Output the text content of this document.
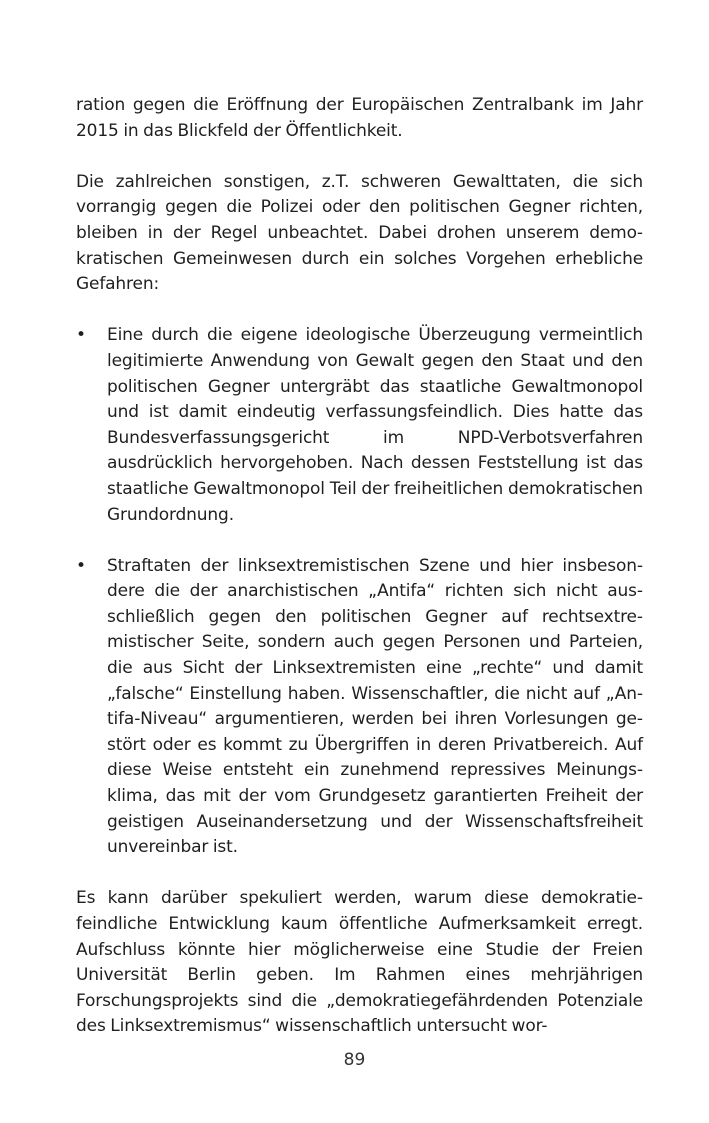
ration gegen die Eröffnung der Europäischen Zentralbank im Jahr 2015 in das Blickfeld der Öffentlichkeit.

Die zahlreichen sonstigen, z.T. schweren Gewalttaten, die sich vorrangig gegen die Polizei oder den politischen Gegner richten, bleiben in der Regel unbeachtet. Dabei drohen unserem demokratischen Gemeinwesen durch ein solches Vorgehen erhebliche Gefahren:

• Eine durch die eigene ideologische Überzeugung vermeintlich legitimierte Anwendung von Gewalt gegen den Staat und den politischen Gegner untergräbt das staatliche Gewaltmonopol und ist damit eindeutig verfassungsfeindlich. Dies hatte das Bundesverfassungsgericht im NPD-Verbotsverfahren ausdrücklich hervorgehoben. Nach dessen Feststellung ist das staatliche Gewaltmonopol Teil der freiheitlichen demokratischen Grundordnung.
• Straftaten der linksextremistischen Szene und hier insbesondere die der anarchistischen „Antifa“ richten sich nicht ausschließlich gegen den politischen Gegner auf rechtsextremistischer Seite, sondern auch gegen Personen und Parteien, die aus Sicht der Linksextremisten eine „rechte“ und damit „falsche“ Einstellung haben. Wissenschaftler, die nicht auf „Antifa-Niveau“ argumentieren, werden bei ihren Vorlesungen gestört oder es kommt zu Übergriffen in deren Privatbereich. Auf diese Weise entsteht ein zunehmend repressives Meinungsklima, das mit der vom Grundgesetz garantierten Freiheit der geistigen Auseinandersetzung und der Wissenschaftsfreiheit unvereinbar ist.

Es kann darüber spekuliert werden, warum diese demokratiefeindliche Entwicklung kaum öffentliche Aufmerksamkeit erregt. Aufschluss könnte hier möglicherweise eine Studie der Freien Universität Berlin geben. Im Rahmen eines mehrjährigen Forschungsprojekts sind die „demokratiegefährdenden Potenziale des Linksextremismus“ wissenschaftlich untersucht wor-

89
